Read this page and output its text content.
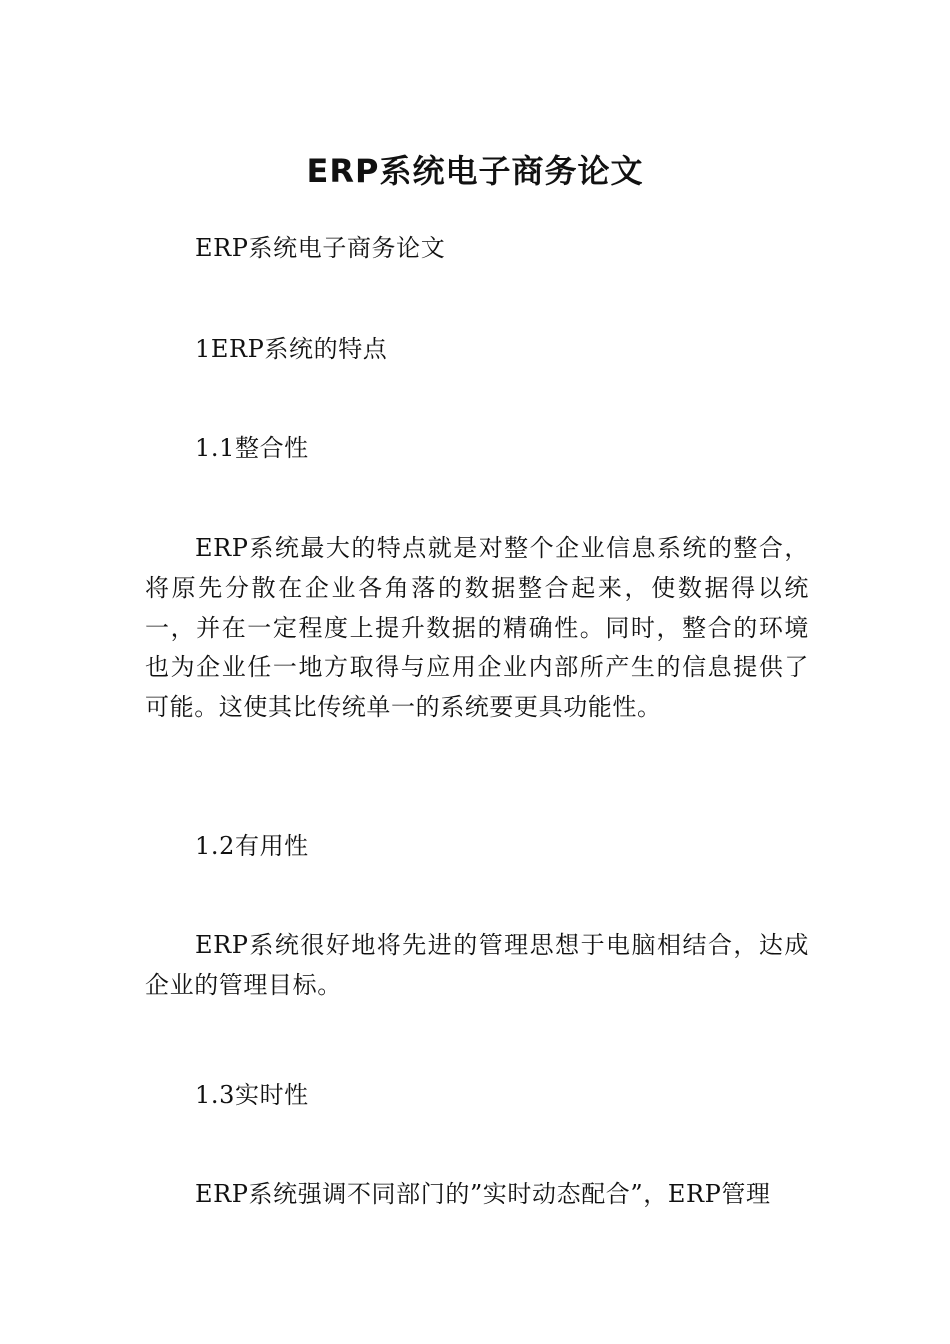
ERP系统电子商务论文

ERP系统电子商务论文

1ERP系统的特点

1.1整合性

ERP系统最大的特点就是对整个企业信息系统的整合，将原先分散在企业各角落的数据整合起来，使数据得以统一，并在一定程度上提升数据的精确性。同时，整合的环境也为企业任一地方取得与应用企业内部所产生的信息提供了可能。这使其比传统单一的系统要更具功能性。

1.2有用性

ERP系统很好地将先进的管理思想于电脑相结合，达成企业的管理目标。

1.3实时性

ERP系统强调不同部门的”实时动态配合”，ERP管理
